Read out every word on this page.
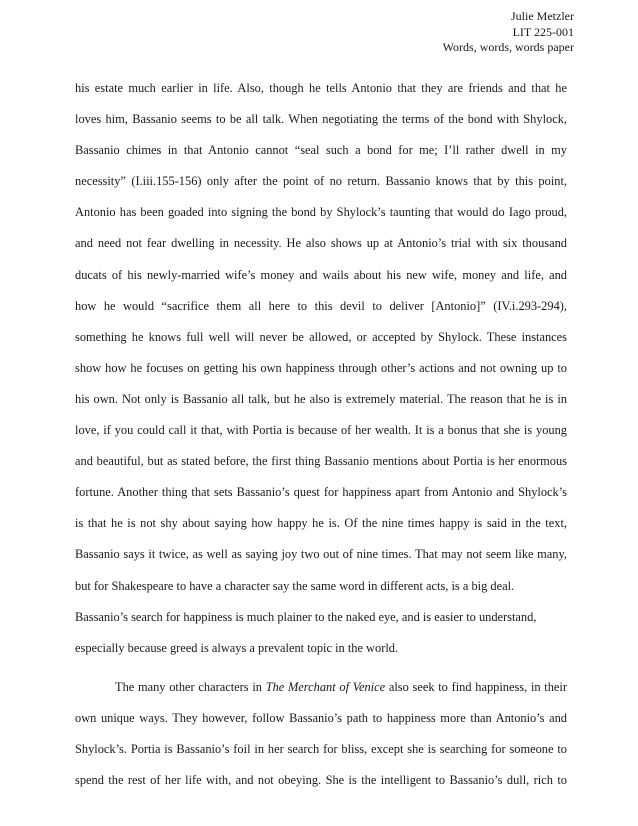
Julie Metzler
LIT 225-001
Words, words, words paper
his estate much earlier in life. Also, though he tells Antonio that they are friends and that he
loves him, Bassanio seems to be all talk. When negotiating the terms of the bond with Shylock,
Bassanio chimes in that Antonio cannot “seal such a bond for me; I’ll rather dwell in my
necessity” (I.iii.155-156) only after the point of no return. Bassanio knows that by this point,
Antonio has been goaded into signing the bond by Shylock’s taunting that would do Iago proud,
and need not fear dwelling in necessity. He also shows up at Antonio’s trial with six thousand
ducats of his newly-married wife’s money and wails about his new wife, money and life, and
how he would “sacrifice them all here to this devil to deliver [Antonio]” (IV.i.293-294),
something he knows full well will never be allowed, or accepted by Shylock. These instances
show how he focuses on getting his own happiness through other’s actions and not owning up to
his own. Not only is Bassanio all talk, but he also is extremely material. The reason that he is in
love, if you could call it that, with Portia is because of her wealth. It is a bonus that she is young
and beautiful, but as stated before, the first thing Bassanio mentions about Portia is her enormous
fortune. Another thing that sets Bassanio’s quest for happiness apart from Antonio and Shylock’s
is that he is not shy about saying how happy he is. Of the nine times happy is said in the text,
Bassanio says it twice, as well as saying joy two out of nine times. That may not seem like many,
but for Shakespeare to have a character say the same word in different acts, is a big deal.
Bassanio’s search for happiness is much plainer to the naked eye, and is easier to understand,
especially because greed is always a prevalent topic in the world.
The many other characters in The Merchant of Venice also seek to find happiness, in their
own unique ways. They however, follow Bassanio’s path to happiness more than Antonio’s and
Shylock’s. Portia is Bassanio’s foil in her search for bliss, except she is searching for someone to
spend the rest of her life with, and not obeying. She is the intelligent to Bassanio’s dull, rich to
